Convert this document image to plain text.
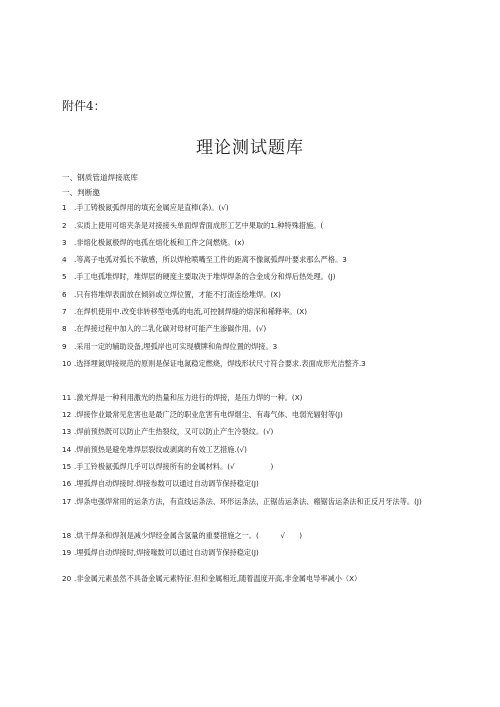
附件4：
理论测试题库
一、钢质管道焊接底库
一、判断邀
1 .手工铸极氮弧焊用的填充金属应是直棒(条)。(√)
2 .实质上使用可熔夹条是对接接头单面焊背面成形工艺中果取的1.种特殊措施。(
3 .非熔化极氮极焊的电孤在熔化板和工件之间燃烧。(x)
4 .等离子电弧对弧长不敏感，所以焊枪喷嘴至工件的距离不像氮弧焊叶要求那么严格。3
5 .手工电孤堆焊时，堆焊层的硬度主要取决于堆焊焊条的合金成分和焊后热处理。(J)
6 .只有将堆焊表面放在倾斜或立焊位置，才能不打渣连绘堆焊。(X)
7 .在焊机使用中.改变非转移型电弧的电流,可控制焊缝的熔深和稀释率。(X)
8 .在焊接过程中加入的二乳化碳对母材可能产生渗碳作用。(√)
9 .采用一定的辅助设备,埋弧岸也可实现横牌和角焊位置的焊接。3
10 .选择埋氮焊接规范的原则是保证电氮稳定燃烧，焊线形状尺寸符合要求.表面成形光洁整齐.3
11 .激光焊是一种利用激光的热量和压力进行的焊接，是压力焊的一种。(X)
12 .焊接作业最常见危害也是最广泛的职业危害有电焊烟尘、有毒气体、电弱光辐射等(J)
13 .焊前预热既可以防止产生热裂纹，又可以防止产生冷裂纹。(√)
14 .焊前预热是避免堆焊层裂纹或剥离的有效工艺措施.(√)
15 .手工铃极氨弧焊几乎可以焊接所有的金属材料。(√　　　　　)
16 .埋孤焊自动焊接时.焊接参数可以通过自动调节保持稳定(J)
17 .焊条电强焊常用的运条方法，有直线运条法、环形运条法、正锯齿运条法、瘢锯齿运条法和正反月牙法等。(J)
18 .烘干焊条和焊剂是减少焊经金属含氢量的重要措施之一。(　　　√　　)
19 .埋弧焊自动焊接时,焊接喙数可以通过自动调节保持稳定(J)
20 .非金属元素虽然不具备金属元素特征.但和金属相近,随着温度开高,非金属电导率减小（X）
